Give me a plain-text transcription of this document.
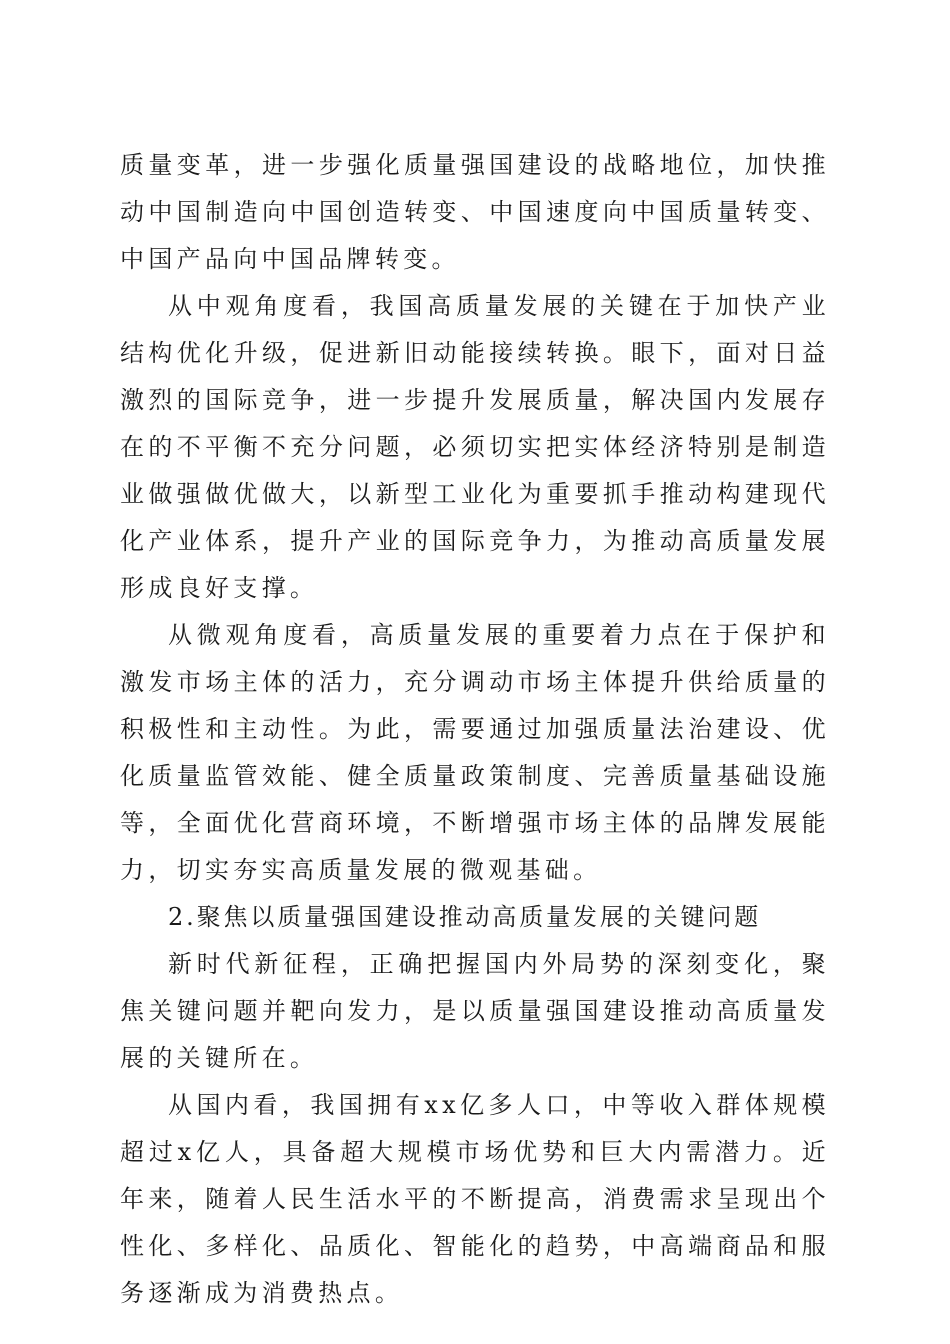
质量变革，进一步强化质量强国建设的战略地位，加快推动中国制造向中国创造转变、中国速度向中国质量转变、中国产品向中国品牌转变。

从中观角度看，我国高质量发展的关键在于加快产业结构优化升级，促进新旧动能接续转换。眼下，面对日益激烈的国际竞争，进一步提升发展质量，解决国内发展存在的不平衡不充分问题，必须切实把实体经济特别是制造业做强做优做大，以新型工业化为重要抓手推动构建现代化产业体系，提升产业的国际竞争力，为推动高质量发展形成良好支撑。

从微观角度看，高质量发展的重要着力点在于保护和激发市场主体的活力，充分调动市场主体提升供给质量的积极性和主动性。为此，需要通过加强质量法治建设、优化质量监管效能、健全质量政策制度、完善质量基础设施等，全面优化营商环境，不断增强市场主体的品牌发展能力，切实夯实高质量发展的微观基础。

2.聚焦以质量强国建设推动高质量发展的关键问题

新时代新征程，正确把握国内外局势的深刻变化，聚焦关键问题并靶向发力，是以质量强国建设推动高质量发展的关键所在。

从国内看，我国拥有xx亿多人口，中等收入群体规模超过x亿人，具备超大规模市场优势和巨大内需潜力。近年来，随着人民生活水平的不断提高，消费需求呈现出个性化、多样化、品质化、智能化的趋势，中高端商品和服务逐渐成为消费热点。
